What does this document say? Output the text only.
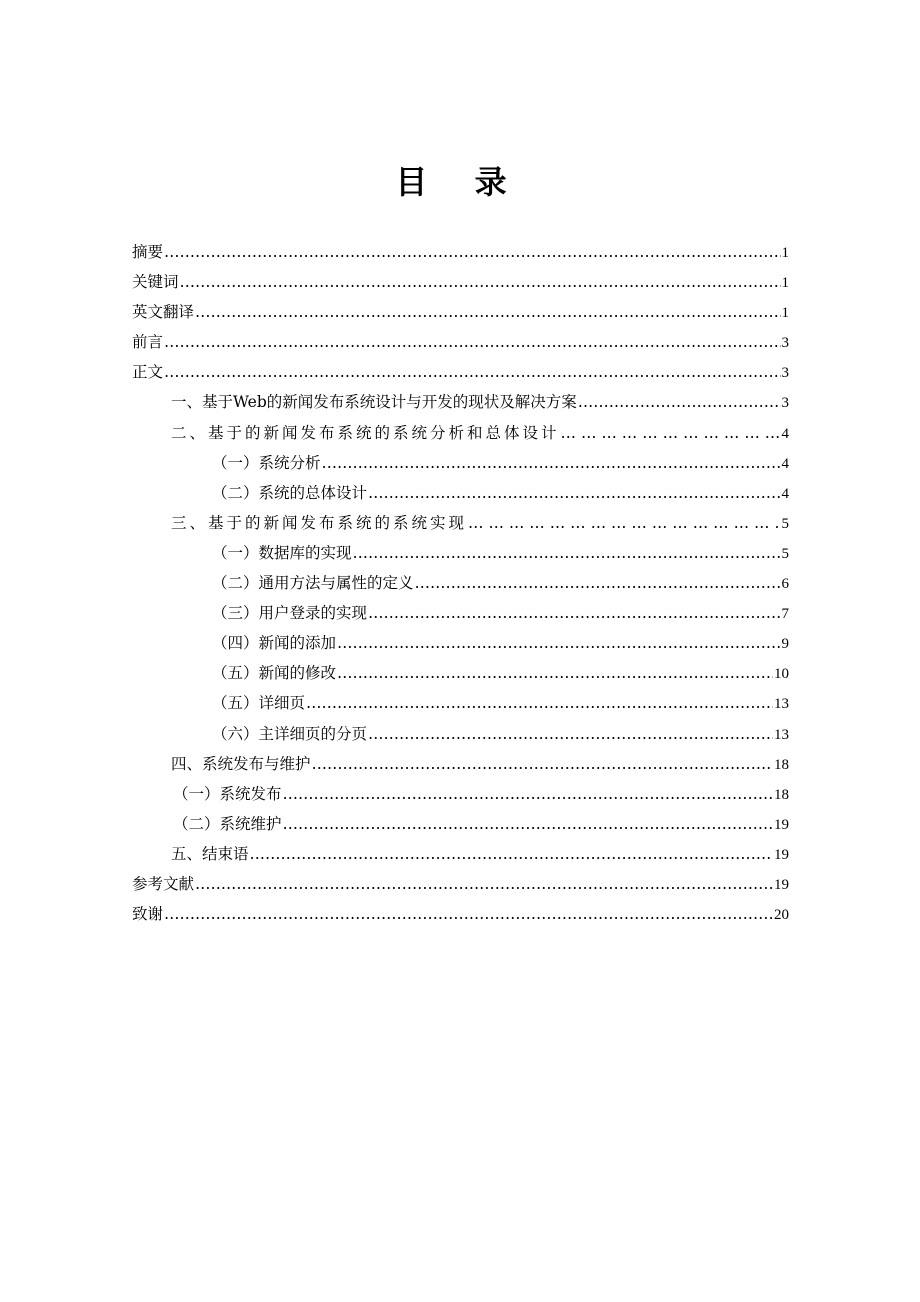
目 录
摘要 ……………………………………………………………………………………………………………………………………………………………………………………………………	1
关键词 ……………………………………………………………………………………………………………………………………………………………………………………………………	1
英文翻译 ……………………………………………………………………………………………………………………………………………………………………………………………………	1
前言 ……………………………………………………………………………………………………………………………………………………………………………………………………	3
正文 ……………………………………………………………………………………………………………………………………………………………………………………………………	3
一、基于Web的新闻发布系统设计与开发的现状及解决方案 ……………………………………………………………………………………………………………………………………………………………………………………………………	3
二、基于的新闻发布系统的系统分析和总体设计 … … … … … … … … … … … … … … … … … … … … … … … … … … … … … … … … … … … … … … … … … …	4
（一）系统分析 ……………………………………………………………………………………………………………………………………………………………………………………………………	4
（二）系统的总体设计 ……………………………………………………………………………………………………………………………………………………………………………………………………	4
三、基于的新闻发布系统的系统实现 … … … … … … … … … … … … … … … … … … … … … … … … … … … … … … … … … … … … … … … … … …	5
（一）数据库的实现 ……………………………………………………………………………………………………………………………………………………………………………………………………	5
（二）通用方法与属性的定义 ……………………………………………………………………………………………………………………………………………………………………………………………………	6
（三）用户登录的实现 ……………………………………………………………………………………………………………………………………………………………………………………………………	7
（四）新闻的添加 ……………………………………………………………………………………………………………………………………………………………………………………………………	9
（五）新闻的修改 ……………………………………………………………………………………………………………………………………………………………………………………………………	10
（五）详细页 ……………………………………………………………………………………………………………………………………………………………………………………………………	13
（六）主详细页的分页 ……………………………………………………………………………………………………………………………………………………………………………………………………	13
四、系统发布与维护 ……………………………………………………………………………………………………………………………………………………………………………………………………	18
（一）系统发布 ……………………………………………………………………………………………………………………………………………………………………………………………………	18
（二）系统维护 ……………………………………………………………………………………………………………………………………………………………………………………………………	19
五、结束语 ……………………………………………………………………………………………………………………………………………………………………………………………………	19
参考文献 ……………………………………………………………………………………………………………………………………………………………………………………………………	19
致谢 ……………………………………………………………………………………………………………………………………………………………………………………………………	20
